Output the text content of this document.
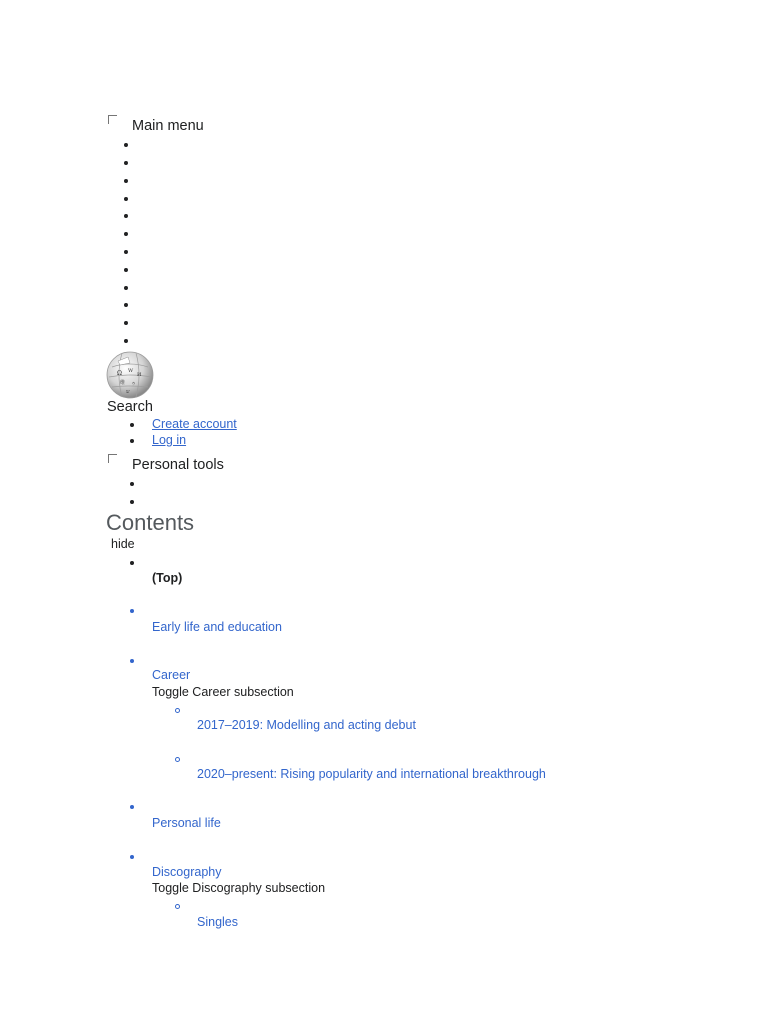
Main menu
Ω W
И
维 ゥ
ש
Search
Create account
Log in
Personal tools
Contents
hide
(Top)
Early life and education
Career
Toggle Career subsection
2017–2019: Modelling and acting debut
2020–present: Rising popularity and international breakthrough
Personal life
Discography
Toggle Discography subsection
Singles
